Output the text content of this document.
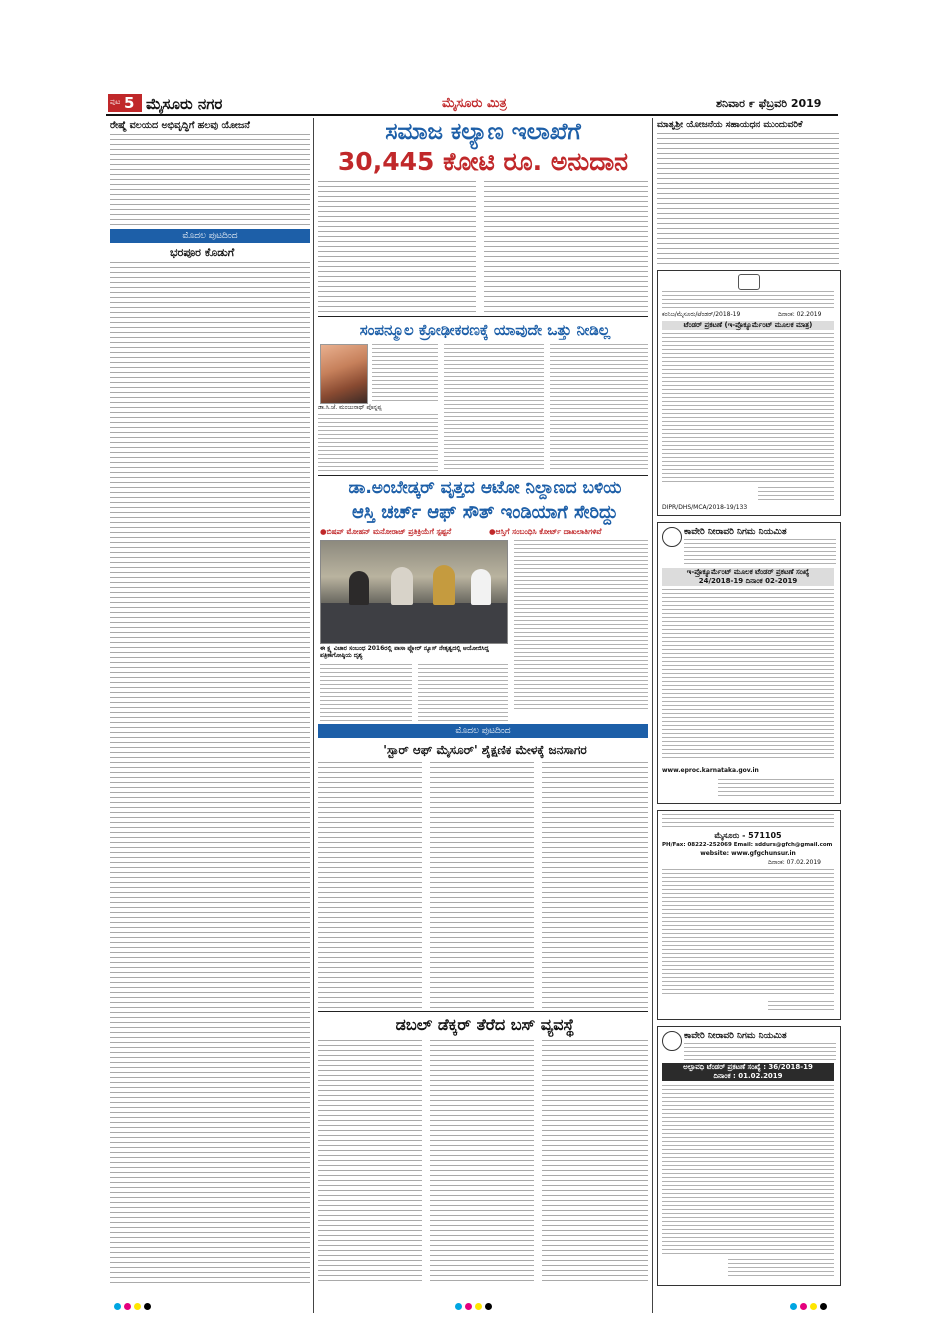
ಪುಟ 5 ಮೈಸೂರು ನಗರ	ಮೈಸೂರು ಮಿತ್ರ	ಶನಿವಾರ ೯ ಫೆಬ್ರವರಿ 2019
ರೇಷ್ಮೆ ವಲಯದ ಅಭಿವೃದ್ಧಿಗೆ ಹಲವು ಯೋಜನೆ
ಮೊದಲ ಪುಟದಿಂದ
ಭರಪೂರ ಕೊಡುಗೆ
ಸಮಾಜ ಕಲ್ಯಾಣ ಇಲಾಖೆಗೆ
30,445 ಕೋಟಿ ರೂ. ಅನುದಾನ
ಸಂಪನ್ಮೂಲ ಕ್ರೋಢೀಕರಣಕ್ಕೆ ಯಾವುದೇ ಒತ್ತು ನೀಡಿಲ್ಲ
ಡಾ.ಸಿ.ಜೆ. ಮಂಜುನಾಥ್ ಪೊನ್ನಪ್ಪ
ಡಾ.ಅಂಬೇಡ್ಕರ್ ವೃತ್ತದ ಆಟೋ ನಿಲ್ದಾಣದ ಬಳಿಯ
ಆಸ್ತಿ ಚರ್ಚ್ ಆಫ್ ಸೌತ್ ಇಂಡಿಯಾಗೆ ಸೇರಿದ್ದು
●ಬಿಷಪ್ ಮೋಹನ್ ಮನೋರಾಜ್ ಪ್ರತಿಕ್ರಿಯೆಗೆ ಸ್ಪಷ್ಟನೆ	●ಆಸ್ತಿಗೆ ಸಂಬಂಧಿಸಿ ಕೋರ್ಟ್ ದಾಖಲಾತಿಗಳಿವೆ
ಈ ಕ್ಷ್ಯ ವಿಚಾರ ಸಂಬಂಧ 2016ರಲ್ಲಿ ಪಾಸಾ ಫ್ಲೋರ್ ನ್ಯೂಸ್ ನೇತೃತ್ವದಲ್ಲಿ ಆಯೋಜಿಸಿದ್ದ ಪತ್ರಿಕಾಗೋಷ್ಠಿಯ ದೃಶ್ಯ
ಮೊದಲ ಪುಟದಿಂದ
'ಸ್ಟಾರ್ ಆಫ್ ಮೈಸೂರ್' ಶೈಕ್ಷಣಿಕ ಮೇಳಕ್ಕೆ ಜನಸಾಗರ
ಡಬಲ್ ಡೆಕ್ಕರ್ ತೆರೆದ ಬಸ್ ವ್ಯವಸ್ಥೆ
ಮಾತೃಶ್ರೀ ಯೋಜನೆಯ ಸಹಾಯಧನ ಮುಂದುವರಿಕೆ
ಕಂನಿಜ/ಮೈಸೂರು/ಟೆಂಡರ್/2018-19	ದಿನಾಂಕ: 02.2019
ಟೆಂಡರ್ ಪ್ರಕಟಣೆ (ಇ-ಪ್ರೊಕ್ಯೂರ್ಮೆಂಟ್ ಮೂಲಕ ಮಾತ್ರ)
DIPR/DHS/MCA/2018-19/133
ಕಾವೇರಿ ನೀರಾವರಿ ನಿಗಮ ನಿಯಮಿತ
ಇ-ಪ್ರೊಕ್ಯೂರ್ಮೆಂಟ್ ಮೂಲಕ ಟೆಂಡರ್ ಪ್ರಕಟಣೆ ಸಂಖ್ಯೆ
24/2018-19 ದಿನಾಂಕ 02-2019
www.eproc.karnataka.gov.in
ಮೈಸೂರು - 571105
PH/Fax: 08222-252069 Email: sddurs@gfch@gmail.com
website: www.gfgchunsur.in
ದಿನಾಂಕ: 07.02.2019
ಕಾವೇರಿ ನೀರಾವರಿ ನಿಗಮ ನಿಯಮಿತ
ಅಲ್ಪಾವಧಿ ಟೆಂಡರ್ ಪ್ರಕಟಣೆ ಸಂಖ್ಯೆ : 36/2018-19
ದಿನಾಂಕ : 01.02.2019
